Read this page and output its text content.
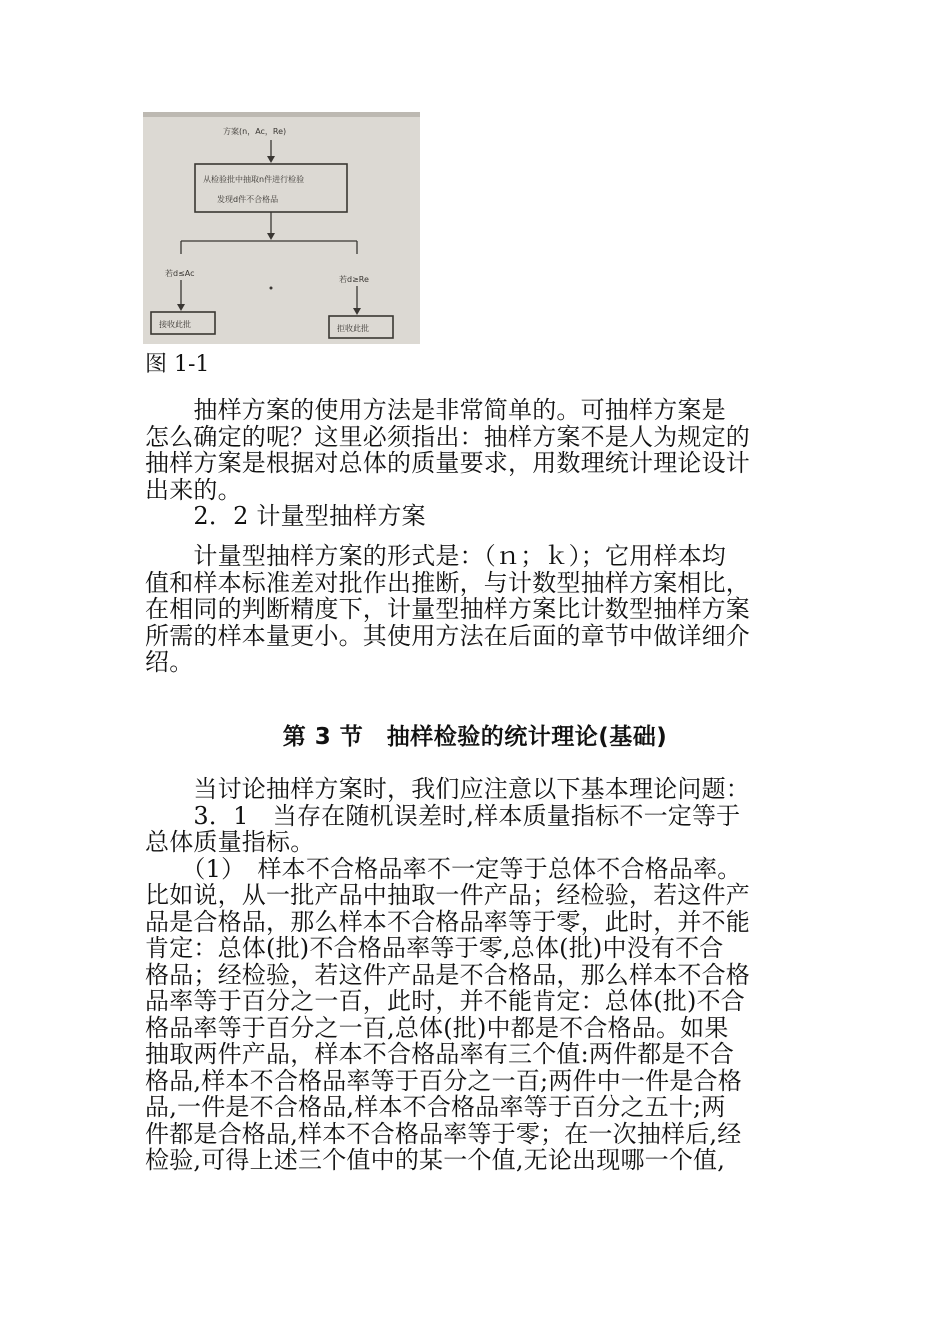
方案(n，Ac，Re)
从检验批中抽取n件进行检验
发现d件不合格品
若d≤Ac
若d≥Re
接收此批	拒收此批
图 1-1
　　抽样方案的使用方法是非常简单的。可抽样方案是
怎么确定的呢？这里必须指出：抽样方案不是人为规定的
抽样方案是根据对总体的质量要求，用数理统计理论设计
出来的。
　　2．2 计量型抽样方案
　　计量型抽样方案的形式是：（ｎ；ｋ）；它用样本均
值和样本标准差对批作出推断，与计数型抽样方案相比，
在相同的判断精度下，计量型抽样方案比计数型抽样方案
所需的样本量更小。其使用方法在后面的章节中做详细介
绍。
第 3 节　抽样检验的统计理论(基础)
　　当讨论抽样方案时，我们应注意以下基本理论问题：
　　3．1　当存在随机误差时,样本质量指标不一定等于
总体质量指标。
　　（1）　样本不合格品率不一定等于总体不合格品率。
比如说，从一批产品中抽取一件产品；经检验，若这件产
品是合格品，那么样本不合格品率等于零，此时，并不能
肯定：总体(批)不合格品率等于零,总体(批)中没有不合
格品；经检验，若这件产品是不合格品，那么样本不合格
品率等于百分之一百，此时，并不能肯定：总体(批)不合
格品率等于百分之一百,总体(批)中都是不合格品。如果
抽取两件产品，样本不合格品率有三个值:两件都是不合
格品,样本不合格品率等于百分之一百;两件中一件是合格
品,一件是不合格品,样本不合格品率等于百分之五十;两
件都是合格品,样本不合格品率等于零；在一次抽样后,经
检验,可得上述三个值中的某一个值,无论出现哪一个值,
